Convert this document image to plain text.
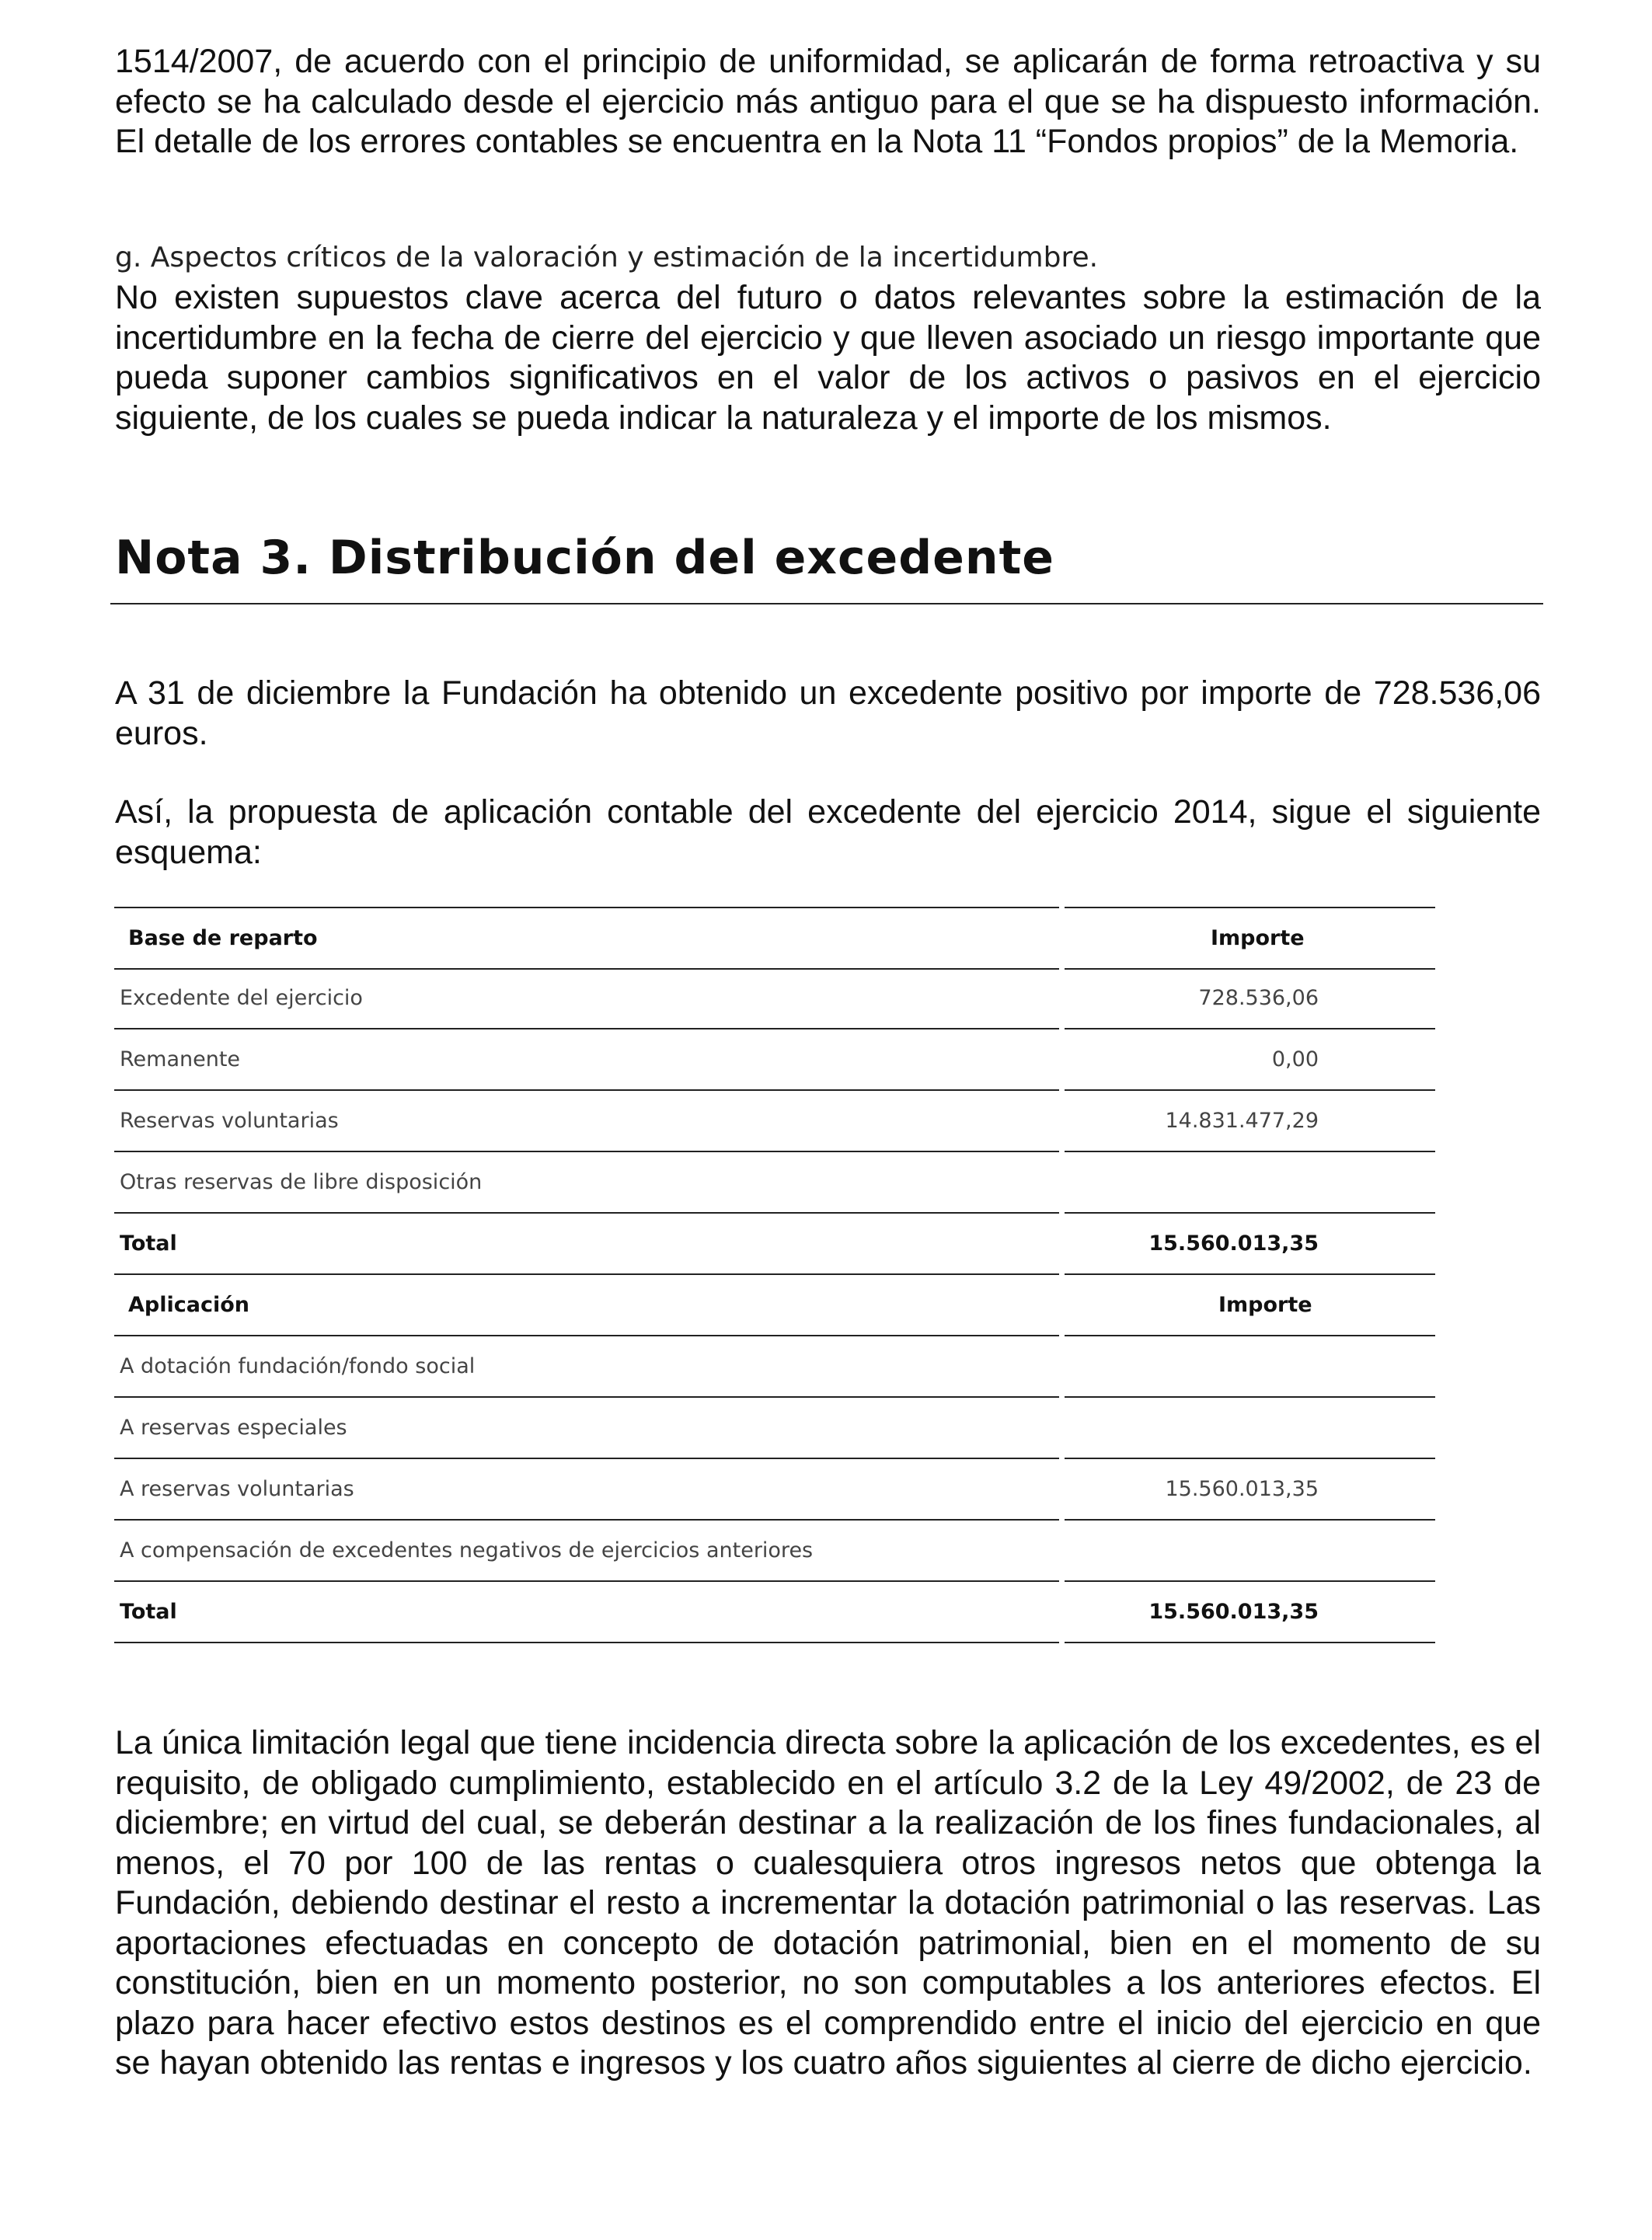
1514/2007, de acuerdo con el principio de uniformidad, se aplicarán de forma retroactiva y su efecto se ha calculado desde el ejercicio más antiguo para el que se ha dispuesto información. El detalle de los errores contables se encuentra en la Nota 11 “Fondos propios” de la Memoria.

g. Aspectos críticos de la valoración y estimación de la incertidumbre.

No existen supuestos clave acerca del futuro o datos relevantes sobre la estimación de la incertidumbre en la fecha de cierre del ejercicio y que lleven asociado un riesgo importante que pueda suponer cambios significativos en el valor de los activos o pasivos en el ejercicio siguiente, de los cuales se pueda indicar la naturaleza y el importe de los mismos.

Nota 3. Distribución del excedente

A 31 de diciembre la Fundación ha obtenido un excedente positivo por importe de 728.536,06 euros.

Así, la propuesta de aplicación contable del excedente del ejercicio 2014, sigue el siguiente esquema:

Base de reparto	Importe
Excedente del ejercicio	728.536,06
Remanente	0,00
Reservas voluntarias	14.831.477,29
Otras reservas de libre disposición
Total	15.560.013,35
Aplicación	Importe
A dotación fundación/fondo social
A reservas especiales
A reservas voluntarias	15.560.013,35
A compensación de excedentes negativos de ejercicios anteriores
Total	15.560.013,35

La única limitación legal que tiene incidencia directa sobre la aplicación de los excedentes, es el requisito, de obligado cumplimiento, establecido en el artículo 3.2 de la Ley 49/2002, de 23 de diciembre; en virtud del cual, se deberán destinar a la realización de los fines fundacionales, al menos, el 70 por 100 de las rentas o cualesquiera otros ingresos netos que obtenga la Fundación, debiendo destinar el resto a incrementar la dotación patrimonial o las reservas. Las aportaciones efectuadas en concepto de dotación patrimonial, bien en el momento de su constitución, bien en un momento posterior, no son computables a los anteriores efectos. El plazo para hacer efectivo estos destinos es el comprendido entre el inicio del ejercicio en que se hayan obtenido las rentas e ingresos y los cuatro años siguientes al cierre de dicho ejercicio.
